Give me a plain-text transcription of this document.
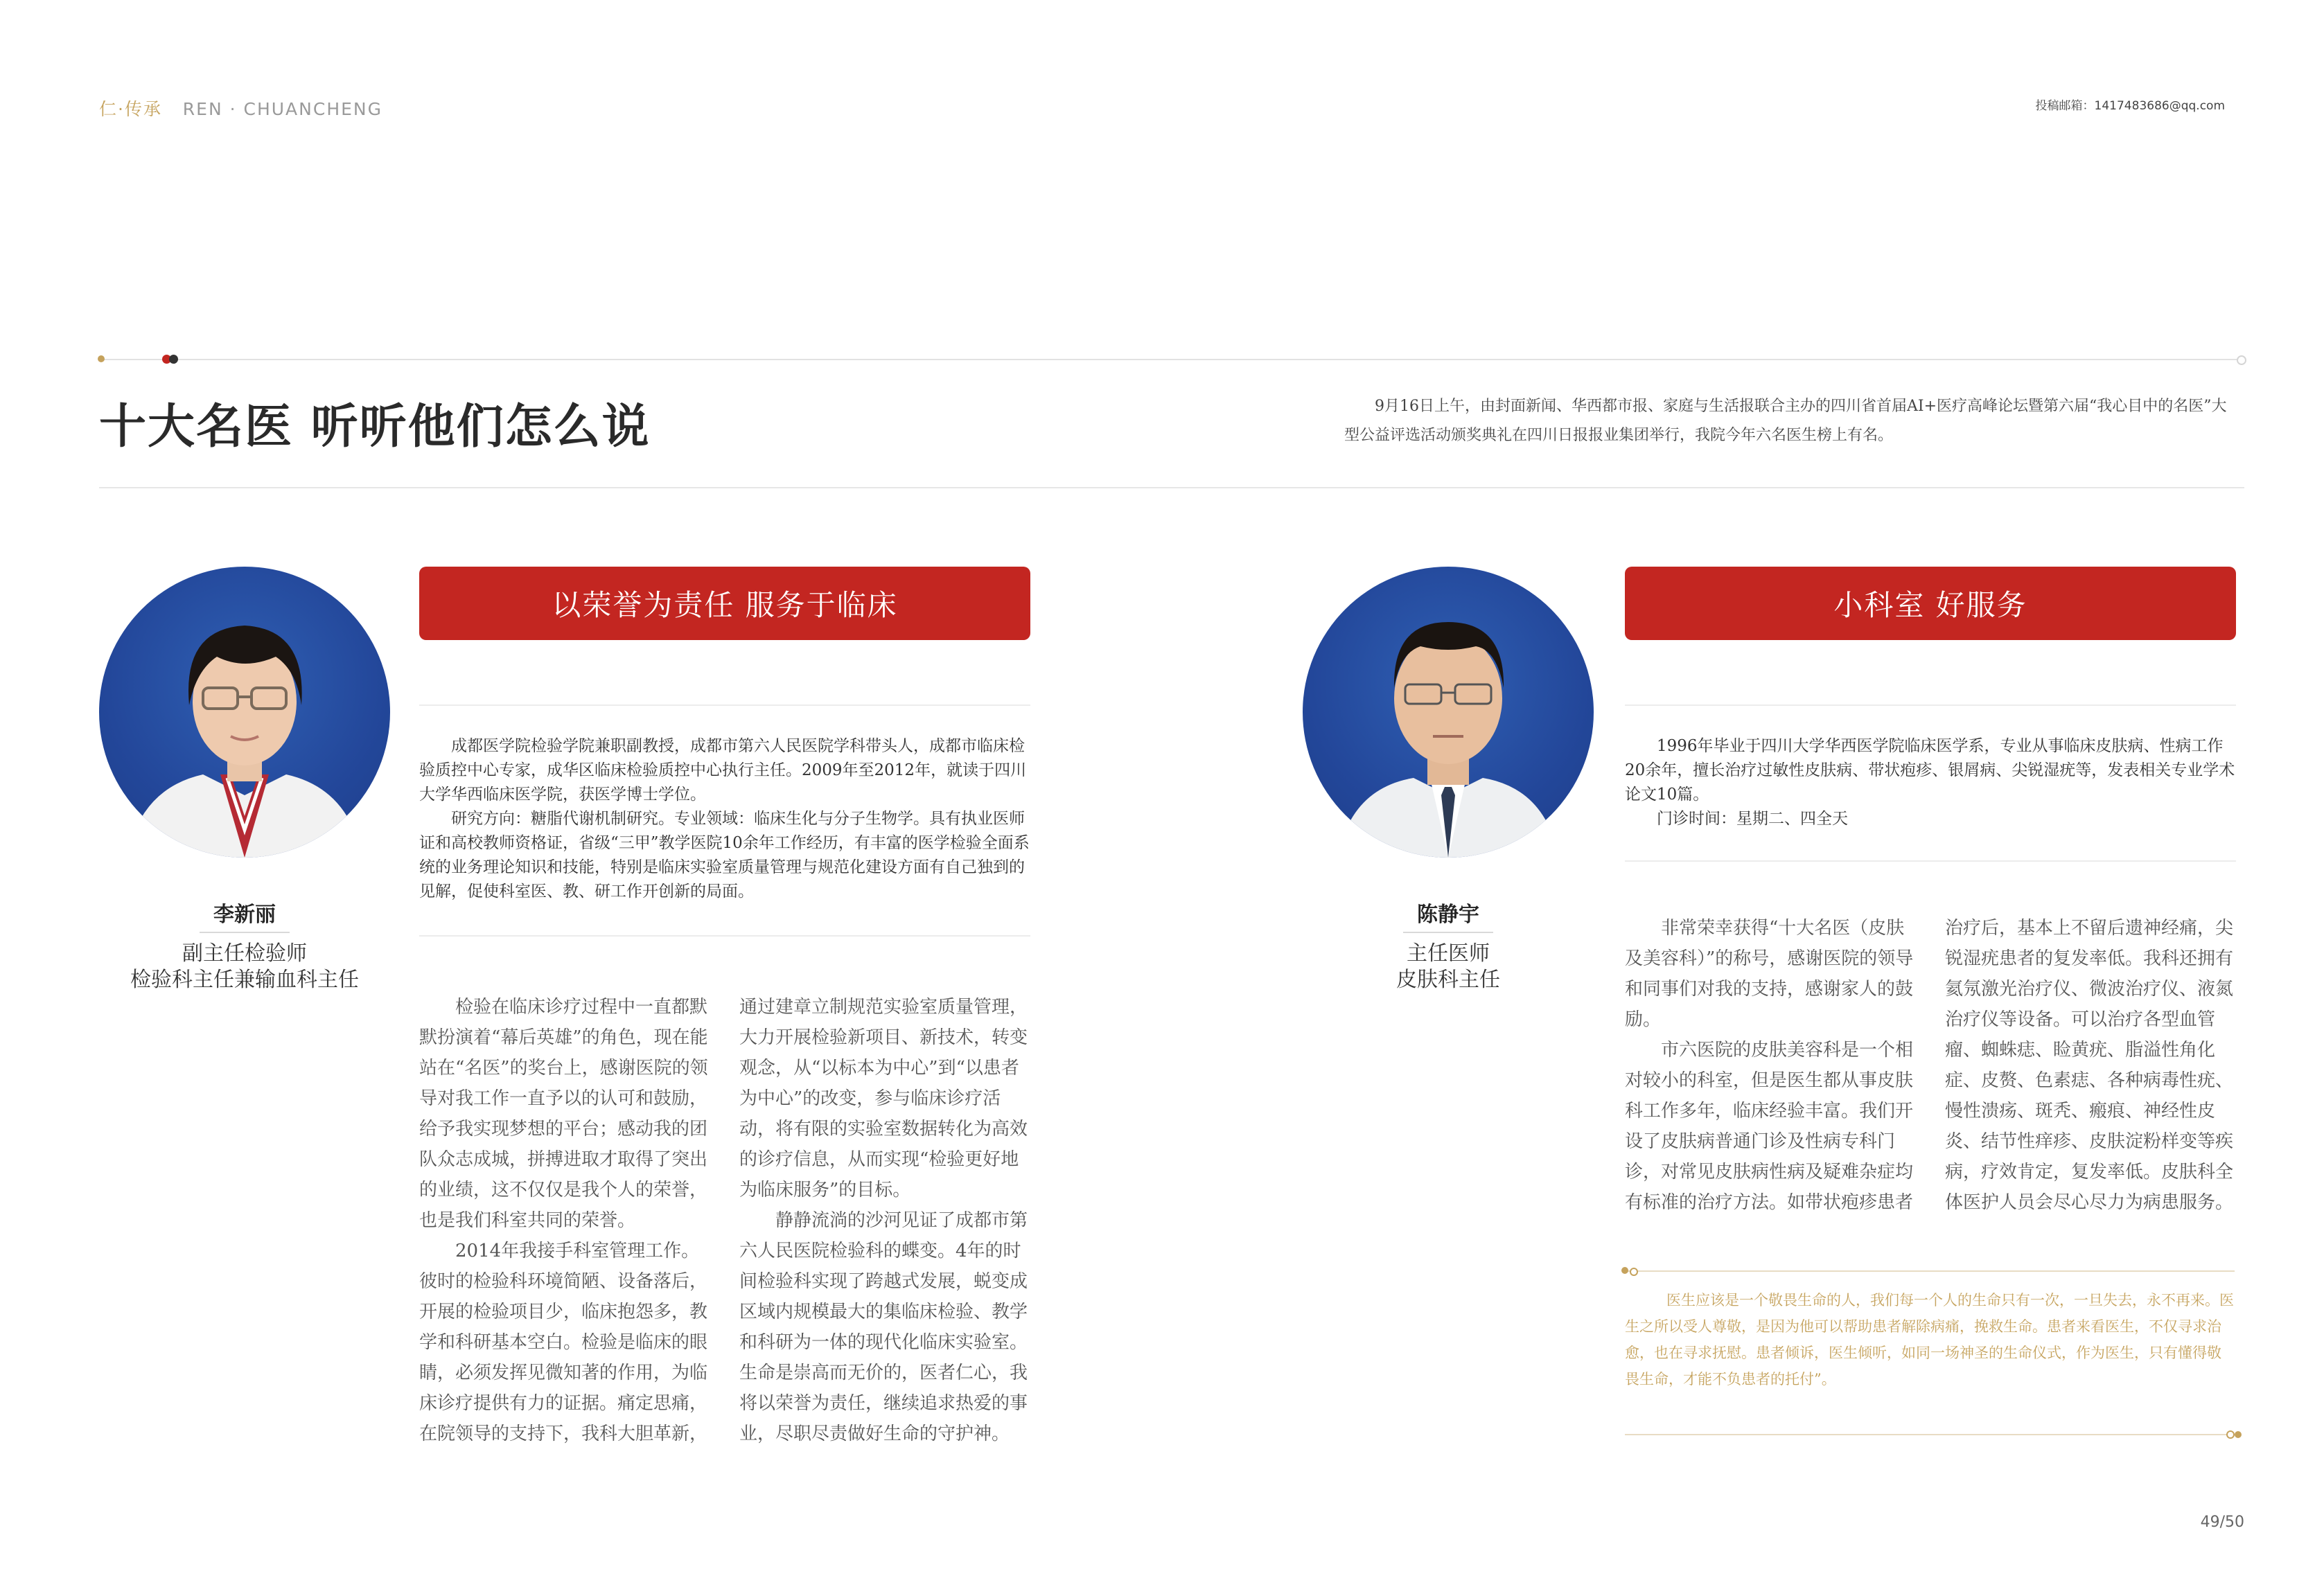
仁·传承 REN · CHUANCHENG	投稿邮箱：1417483686@qq.com
十大名医 听听他们怎么说	9月16日上午，由封面新闻、华西都市报、家庭与生活报联合主办的四川省首届AI+医疗高峰论坛暨第六届“我心目中的名医”大型公益评选活动颁奖典礼在四川日报报业集团举行，我院今年六名医生榜上有名。
李新丽
副主任检验师
检验科主任兼输血科主任
以荣誉为责任 服务于临床

成都医学院检验学院兼职副教授，成都市第六人民医院学科带头人，成都市临床检验质控中心专家，成华区临床检验质控中心执行主任。2009年至2012年，就读于四川大学华西临床医学院，获医学博士学位。

研究方向：糖脂代谢机制研究。专业领域：临床生化与分子生物学。具有执业医师证和高校教师资格证，省级“三甲”教学医院10余年工作经历，有丰富的医学检验全面系统的业务理论知识和技能，特别是临床实验室质量管理与规范化建设方面有自己独到的见解，促使科室医、教、研工作开创新的局面。

检验在临床诊疗过程中一直都默默扮演着“幕后英雄”的角色，现在能站在“名医”的奖台上，感谢医院的领导对我工作一直予以的认可和鼓励，给予我实现梦想的平台；感动我的团队众志成城，拼搏进取才取得了突出的业绩，这不仅仅是我个人的荣誉，也是我们科室共同的荣誉。

2014年我接手科室管理工作。彼时的检验科环境简陋、设备落后，开展的检验项目少，临床抱怨多，教学和科研基本空白。检验是临床的眼睛，必须发挥见微知著的作用，为临床诊疗提供有力的证据。痛定思痛，在院领导的支持下，我科大胆革新，

通过建章立制规范实验室质量管理，大力开展检验新项目、新技术，转变观念，从“以标本为中心”到“以患者为中心”的改变，参与临床诊疗活动，将有限的实验室数据转化为高效的诊疗信息，从而实现“检验更好地为临床服务”的目标。

静静流淌的沙河见证了成都市第六人民医院检验科的蝶变。4年的时间检验科实现了跨越式发展，蜕变成区域内规模最大的集临床检验、教学和科研为一体的现代化临床实验室。生命是崇高而无价的，医者仁心，我将以荣誉为责任，继续追求热爱的事业，尽职尽责做好生命的守护神。

陈静宇
主任医师
皮肤科主任
小科室 好服务

1996年毕业于四川大学华西医学院临床医学系，专业从事临床皮肤病、性病工作20余年，擅长治疗过敏性皮肤病、带状疱疹、银屑病、尖锐湿疣等，发表相关专业学术论文10篇。

门诊时间：星期二、四全天

非常荣幸获得“十大名医（皮肤及美容科）”的称号，感谢医院的领导和同事们对我的支持，感谢家人的鼓励。

市六医院的皮肤美容科是一个相对较小的科室，但是医生都从事皮肤科工作多年，临床经验丰富。我们开设了皮肤病普通门诊及性病专科门诊，对常见皮肤病性病及疑难杂症均有标准的治疗方法。如带状疱疹患者

治疗后，基本上不留后遗神经痛，尖锐湿疣患者的复发率低。我科还拥有氦氖激光治疗仪、微波治疗仪、液氮治疗仪等设备。可以治疗各型血管瘤、蜘蛛痣、睑黄疣、脂溢性角化症、皮赘、色素痣、各种病毒性疣、慢性溃疡、斑秃、瘢痕、神经性皮炎、结节性痒疹、皮肤淀粉样变等疾病，疗效肯定，复发率低。皮肤科全体医护人员会尽心尽力为病患服务。

医生应该是一个敬畏生命的人，我们每一个人的生命只有一次，一旦失去，永不再来。医生之所以受人尊敬，是因为他可以帮助患者解除病痛，挽救生命。患者来看医生，不仅寻求治愈，也在寻求抚慰。患者倾诉，医生倾听，如同一场神圣的生命仪式，作为医生，只有懂得敬畏生命，才能不负患者的托付”。
49/50
